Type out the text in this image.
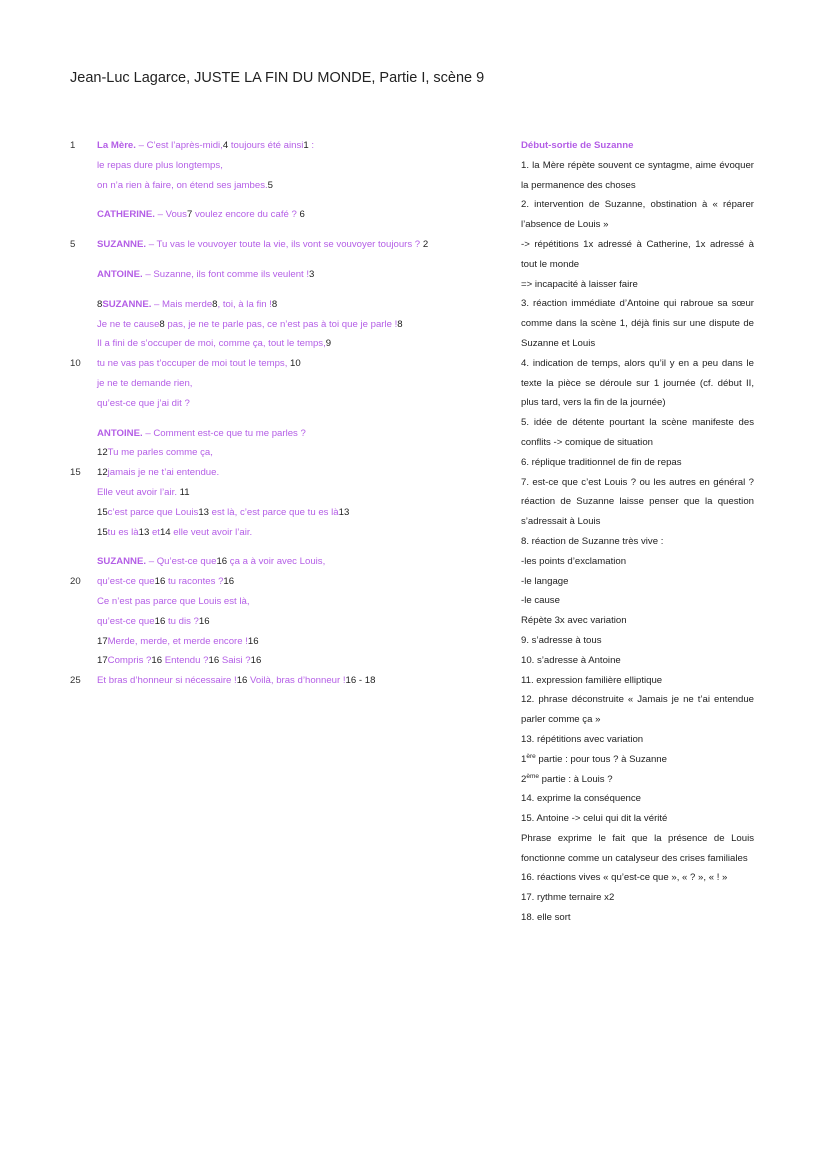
Jean-Luc Lagarce, JUSTE LA FIN DU MONDE, Partie I, scène 9
1	La Mère. – C’est l’après-midi,4 toujours été ainsi1 :
le repas dure plus longtemps,
on n’a rien à faire, on étend ses jambes.5
CATHERINE. – Vous7 voulez encore du café ? 6
5	SUZANNE. – Tu vas le vouvoyer toute la vie, ils vont se vouvoyer toujours ? 2
ANTOINE. – Suzanne, ils font comme ils veulent !3
8SUZANNE. – Mais merde8, toi, à la fin !8
Je ne te cause8 pas, je ne te parle pas, ce n’est pas à toi que je parle !8
Il a fini de s’occuper de moi, comme ça, tout le temps,9
10	tu ne vas pas t’occuper de moi tout le temps, 10
je ne te demande rien,
qu’est-ce que j’ai dit ?
ANTOINE. – Comment est-ce que tu me parles ?
12Tu me parles comme ça,
15	12jamais je ne t’ai entendue.
Elle veut avoir l’air. 11
15c’est parce que Louis13 est là, c’est parce que tu es là13
15tu es là13 et14 elle veut avoir l’air.
SUZANNE. – Qu’est-ce que16 ça a à voir avec Louis,
20	qu’est-ce que16 tu racontes ?16
Ce n’est pas parce que Louis est là,
qu’est-ce que16 tu dis ?16
17Merde, merde, et merde encore !16
17Compris ?16 Entendu ?16 Saisi ?16
25	Et bras d’honneur si nécessaire !16 Voilà, bras d’honneur !16 - 18
Début-sortie de Suzanne
1. la Mère répète souvent ce syntagme, aime évoquer la permanence des choses
2. intervention de Suzanne, obstination à « réparer l’absence de Louis »
-> répétitions 1x adressé à Catherine, 1x adressé à tout le monde
=> incapacité à laisser faire
3. réaction immédiate d’Antoine qui rabroue sa sœur comme dans la scène 1, déjà finis sur une dispute de Suzanne et Louis
4. indication de temps, alors qu’il y en a peu dans le texte la pièce se déroule sur 1 journée (cf. début II, plus tard, vers la fin de la journée)
5. idée de détente pourtant la scène manifeste des conflits -> comique de situation
6. réplique traditionnel de fin de repas
7. est-ce que c’est Louis ? ou les autres en général ? réaction de Suzanne laisse penser que la question s’adressait à Louis
8. réaction de Suzanne très vive :
-les points d’exclamation
-le langage
-le cause
Répète 3x avec variation
9. s’adresse à tous
10. s’adresse à Antoine
11. expression familière elliptique
12. phrase déconstruite « Jamais je ne t’ai entendue parler comme ça »
13. répétitions avec variation
1ère partie : pour tous ? à Suzanne
2ème partie : à Louis ?
14. exprime la conséquence
15. Antoine -> celui qui dit la vérité
Phrase exprime le fait que la présence de Louis fonctionne comme un catalyseur des crises familiales
16. réactions vives « qu’est-ce que », « ? », « ! »
17. rythme ternaire x2
18. elle sort
